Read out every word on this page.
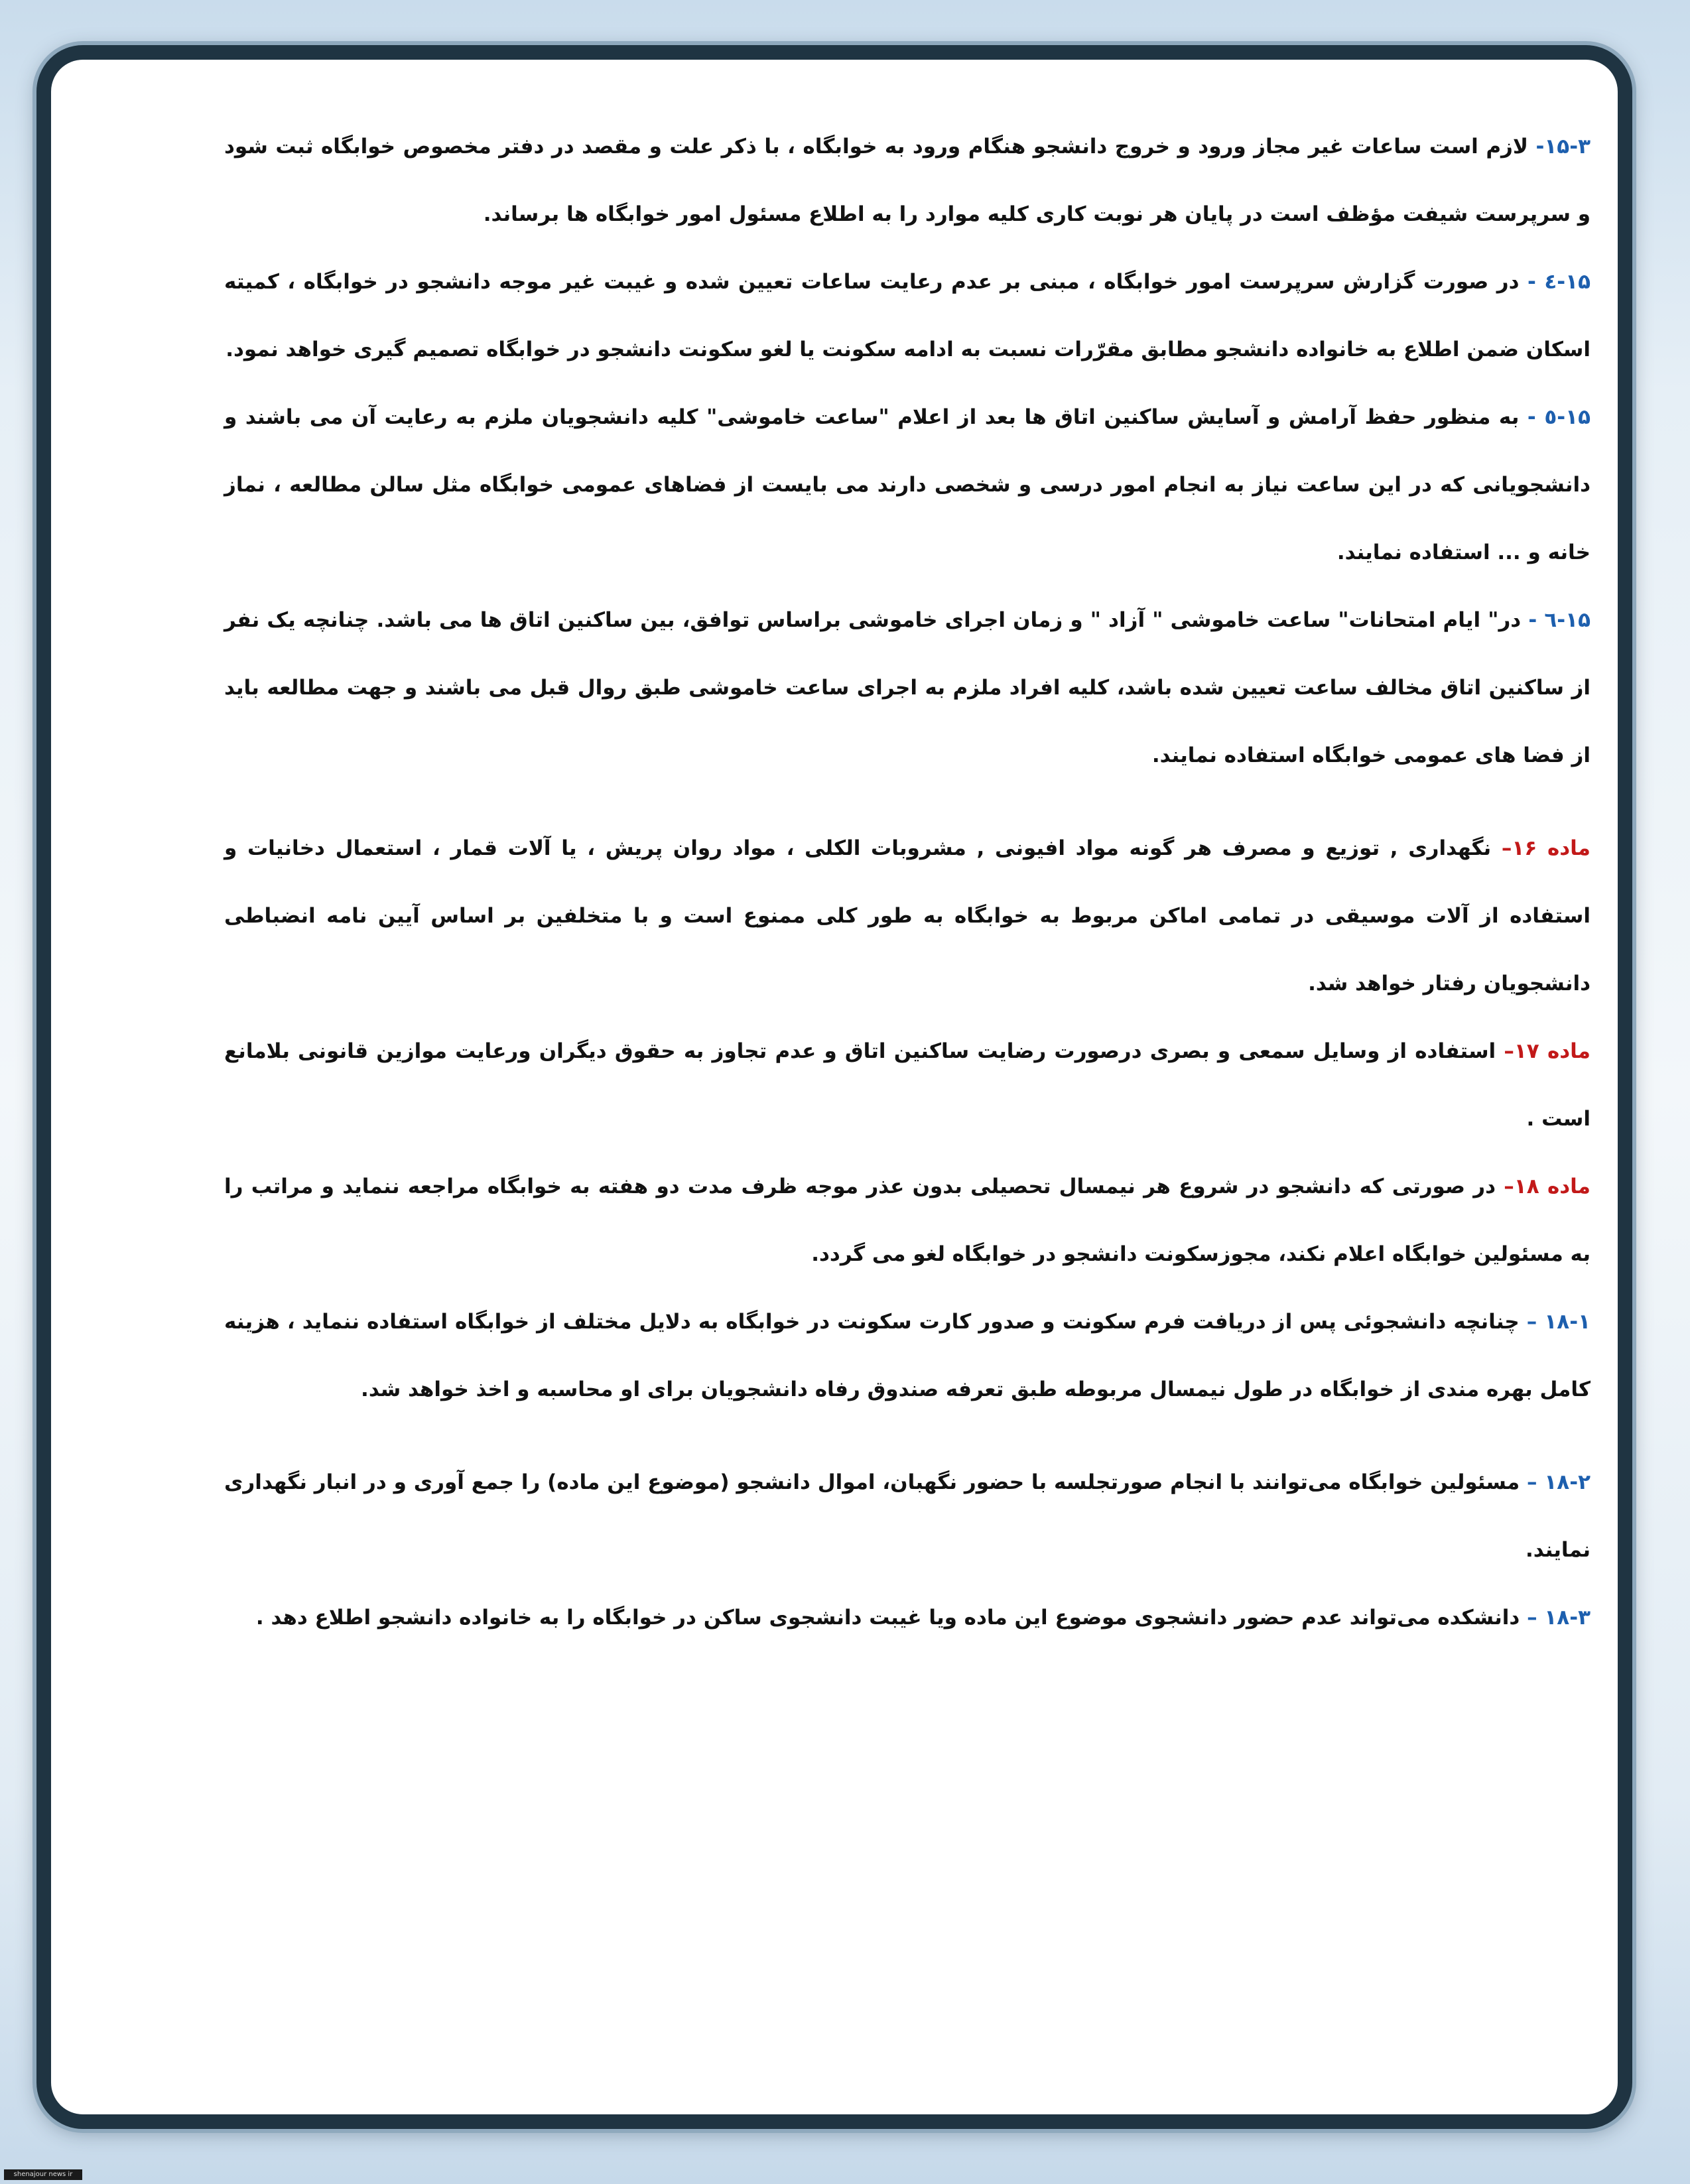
۱۵-۳- لازم است ساعات غیر مجاز ورود و خروج دانشجو هنگام ورود به خوابگاه ، با ذکر علت و مقصد در دفتر مخصوص خوابگاه ثبت شود و سرپرست شیفت مؤظف است در پایان هر نوبت کاری کلیه موارد را به اطلاع مسئول امور خوابگاه ها برساند.

۱۵-٤ - در صورت گزارش سرپرست امور خوابگاه ، مبنی بر عدم رعایت ساعات تعیین شده و غیبت غیر موجه دانشجو در خوابگاه ، کمیته اسکان ضمن اطلاع به خانواده دانشجو مطابق مقرّرات نسبت به ادامه سکونت یا لغو سکونت دانشجو در خوابگاه تصمیم گیری خواهد نمود.

۱۵-٥ - به منظور حفظ آرامش و آسایش ساکنین اتاق ها بعد از اعلام "ساعت خاموشی" کلیه دانشجویان ملزم به رعایت آن می باشند و دانشجویانی که در این ساعت نیاز به انجام امور درسی و شخصی دارند می بایست از فضاهای عمومی خوابگاه مثل سالن مطالعه ، نماز خانه و ... استفاده نمایند.

۱۵-٦ - در" ایام امتحانات" ساعت خاموشی " آزاد " و زمان اجرای خاموشی براساس توافق، بین ساکنین اتاق ها می باشد. چنانچه یک نفر از ساکنین اتاق مخالف ساعت تعیین شده باشد، کلیه افراد ملزم به اجرای ساعت خاموشی طبق روال قبل می باشند و جهت مطالعه باید از فضا های عمومی خوابگاه استفاده نمایند.

ماده ۱۶– نگهداری , توزیع و مصرف هر گونه مواد افیونی , مشروبات الکلی ، مواد روان پریش ، یا آلات قمار ، استعمال دخانیات و استفاده از آلات موسیقی در تمامی اماکن مربوط به خوابگاه به طور کلی ممنوع است و با متخلفین بر اساس آیین نامه انضباطی دانشجویان رفتار خواهد شد.

ماده ۱۷– استفاده از وسایل سمعی و بصری درصورت رضایت ساکنین اتاق و عدم تجاوز به حقوق دیگران ورعایت موازین قانونی بلامانع است .

ماده ۱۸– در صورتی که دانشجو در شروع هر نیمسال تحصیلی بدون عذر موجه ظرف مدت دو هفته به خوابگاه مراجعه ننماید و مراتب را به مسئولین خوابگاه اعلام نکند، مجوزسکونت دانشجو در خوابگاه لغو می گردد.

۱۸-۱ – چنانچه دانشجوئی پس از دریافت فرم سکونت و صدور کارت سکونت در خوابگاه به دلایل مختلف از خوابگاه استفاده ننماید ، هزینه کامل بهره مندی از خوابگاه در طول نیمسال مربوطه طبق تعرفه صندوق رفاه دانشجویان برای او محاسبه و اخذ خواهد شد.

۱۸-۲ – مسئولین خوابگاه می‌توانند با انجام صورتجلسه با حضور نگهبان، اموال دانشجو (موضوع این ماده) را جمع آوری و در انبار نگهداری نمایند.

۱۸-۳ – دانشکده می‌تواند عدم حضور دانشجوی موضوع این ماده ویا غیبت دانشجوی ساکن در خوابگاه را به خانواده دانشجو اطلاع دهد .

shenajour news ir
